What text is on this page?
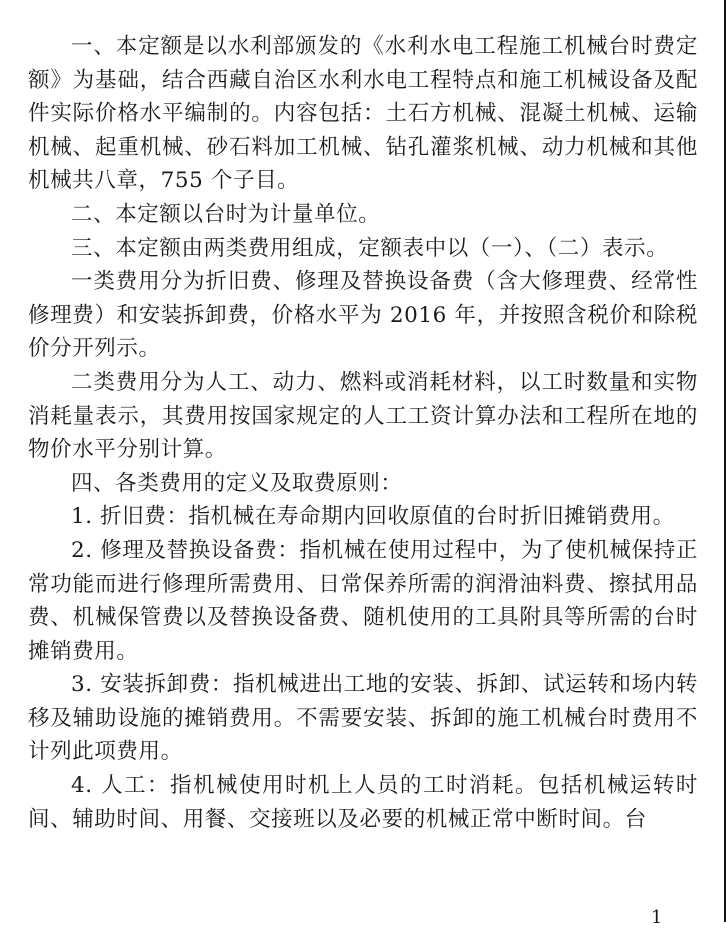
一、本定额是以水利部颁发的《水利水电工程施工机械台时费定额》为基础，结合西藏自治区水利水电工程特点和施工机械设备及配件实际价格水平编制的。内容包括：土石方机械、混凝土机械、运输机械、起重机械、砂石料加工机械、钻孔灌浆机械、动力机械和其他机械共八章，755 个子目。

二、本定额以台时为计量单位。

三、本定额由两类费用组成，定额表中以（一）、（二）表示。

一类费用分为折旧费、修理及替换设备费（含大修理费、经常性修理费）和安装拆卸费，价格水平为 2016 年，并按照含税价和除税价分开列示。

二类费用分为人工、动力、燃料或消耗材料，以工时数量和实物消耗量表示，其费用按国家规定的人工工资计算办法和工程所在地的物价水平分别计算。

四、各类费用的定义及取费原则：

1. 折旧费：指机械在寿命期内回收原值的台时折旧摊销费用。

2. 修理及替换设备费：指机械在使用过程中，为了使机械保持正常功能而进行修理所需费用、日常保养所需的润滑油料费、擦拭用品费、机械保管费以及替换设备费、随机使用的工具附具等所需的台时摊销费用。

3. 安装拆卸费：指机械进出工地的安装、拆卸、试运转和场内转移及辅助设施的摊销费用。不需要安装、拆卸的施工机械台时费用不计列此项费用。

4. 人工：指机械使用时机上人员的工时消耗。包括机械运转时间、辅助时间、用餐、交接班以及必要的机械正常中断时间。台

1
